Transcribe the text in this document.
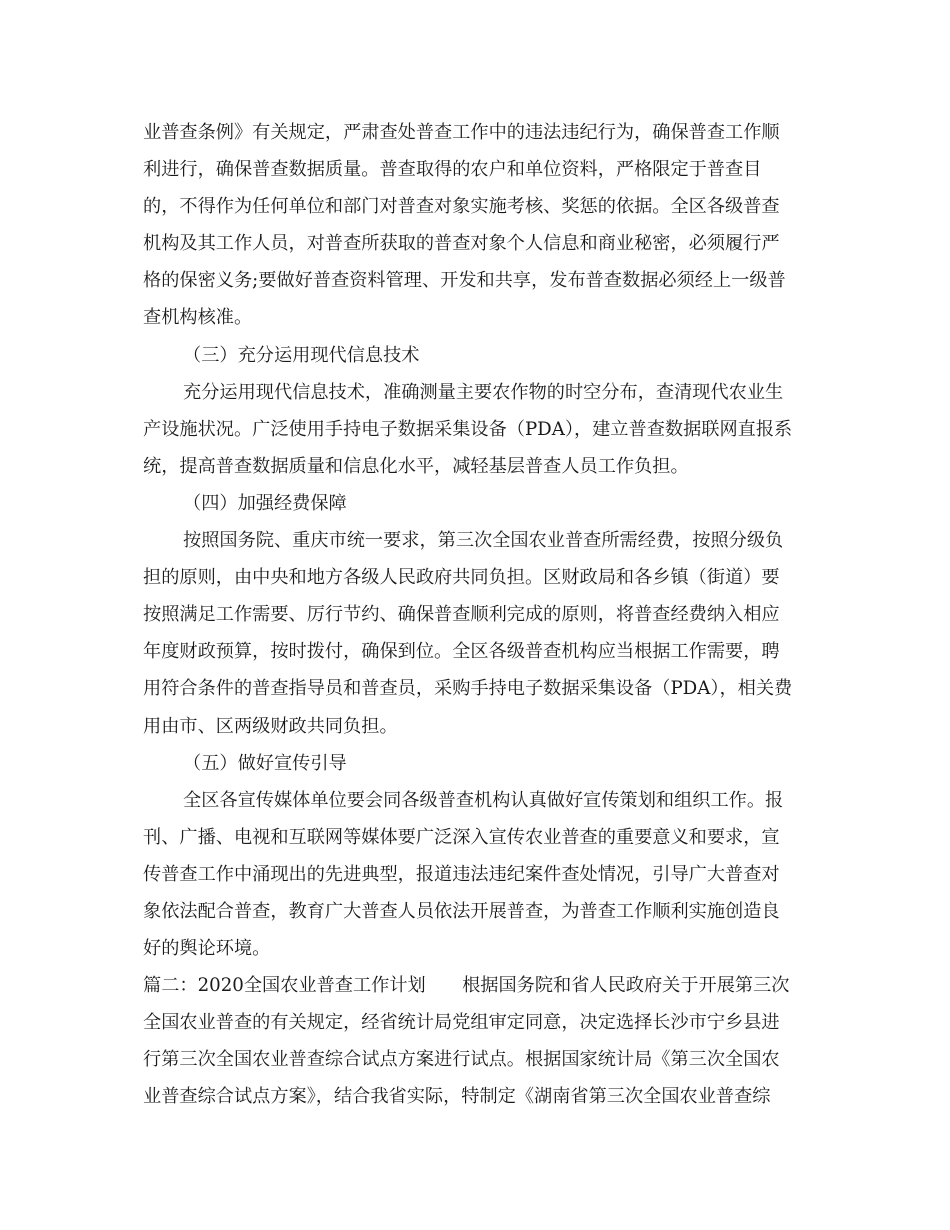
业普查条例》有关规定，严肃查处普查工作中的违法违纪行为，确保普查工作顺
利进行，确保普查数据质量。普查取得的农户和单位资料，严格限定于普查目
的，不得作为任何单位和部门对普查对象实施考核、奖惩的依据。全区各级普查
机构及其工作人员，对普查所获取的普查对象个人信息和商业秘密，必须履行严
格的保密义务;要做好普查资料管理、开发和共享，发布普查数据必须经上一级普
查机构核准。
（三）充分运用现代信息技术
充分运用现代信息技术，准确测量主要农作物的时空分布，查清现代农业生
产设施状况。广泛使用手持电子数据采集设备（PDA），建立普查数据联网直报系
统，提高普查数据质量和信息化水平，减轻基层普查人员工作负担。
（四）加强经费保障
按照国务院、重庆市统一要求，第三次全国农业普查所需经费，按照分级负
担的原则，由中央和地方各级人民政府共同负担。区财政局和各乡镇（街道）要
按照满足工作需要、厉行节约、确保普查顺利完成的原则，将普查经费纳入相应
年度财政预算，按时拨付，确保到位。全区各级普查机构应当根据工作需要，聘
用符合条件的普查指导员和普查员，采购手持电子数据采集设备（PDA），相关费
用由市、区两级财政共同负担。
（五）做好宣传引导
全区各宣传媒体单位要会同各级普查机构认真做好宣传策划和组织工作。报
刊、广播、电视和互联网等媒体要广泛深入宣传农业普查的重要意义和要求，宣
传普查工作中涌现出的先进典型，报道违法违纪案件查处情况，引导广大普查对
象依法配合普查，教育广大普查人员依法开展普查，为普查工作顺利实施创造良
好的舆论环境。
篇二：2020全国农业普查工作计划　　根据国务院和省人民政府关于开展第三次
全国农业普查的有关规定，经省统计局党组审定同意，决定选择长沙市宁乡县进
行第三次全国农业普查综合试点方案进行试点。根据国家统计局《第三次全国农
业普查综合试点方案》，结合我省实际，特制定《湖南省第三次全国农业普查综
